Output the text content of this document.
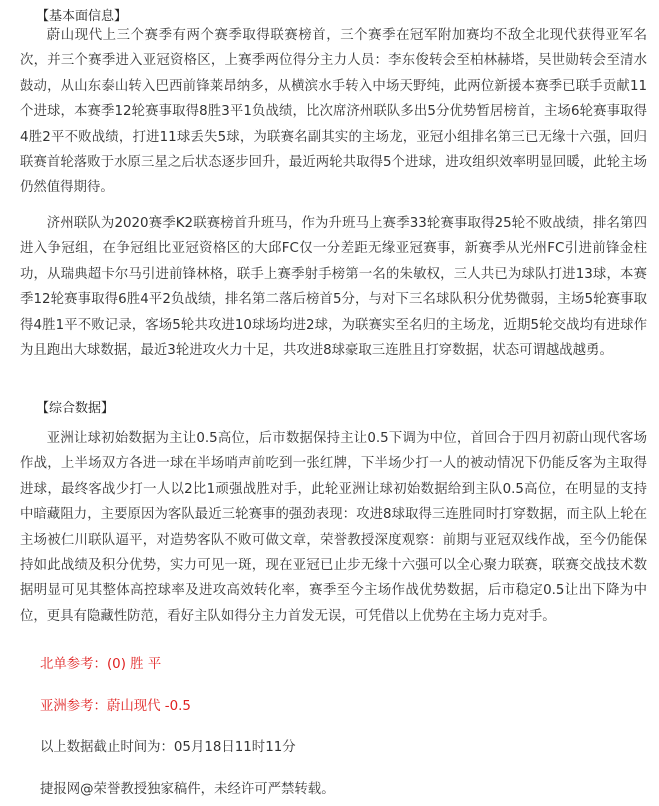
【基本面信息】

蔚山现代上三个赛季有两个赛季取得联赛榜首，三个赛季在冠军附加赛均不敌全北现代获得亚军名次，并三个赛季进入亚冠资格区，上赛季两位得分主力人员：李东俊转会至柏林赫塔，吴世勋转会至清水鼓动，从山东泰山转入巴西前锋莱昂纳多，从横滨水手转入中场天野纯，此两位新援本赛季已联手贡献11个进球，本赛季12轮赛事取得8胜3平1负战绩，比次席济州联队多出5分优势暂居榜首，主场6轮赛事取得4胜2平不败战绩，打进11球丢失5球，为联赛名副其实的主场龙，亚冠小组排名第三已无缘十六强，回归联赛首轮落败于水原三星之后状态逐步回升，最近两轮共取得5个进球，进攻组织效率明显回暖，此轮主场仍然值得期待。

济州联队为2020赛季K2联赛榜首升班马，作为升班马上赛季33轮赛事取得25轮不败战绩，排名第四进入争冠组，在争冠组比亚冠资格区的大邱FC仅一分差距无缘亚冠赛事，新赛季从光州FC引进前锋金柱功，从瑞典超卡尔马引进前锋林格，联手上赛季射手榜第一名的朱敏权，三人共已为球队打进13球，本赛季12轮赛事取得6胜4平2负战绩，排名第二落后榜首5分，与对下三名球队积分优势微弱，主场5轮赛事取得4胜1平不败记录，客场5轮共攻进10球场均进2球，为联赛实至名归的主场龙，近期5轮交战均有进球作为且跑出大球数据，最近3轮进攻火力十足，共攻进8球豪取三连胜且打穿数据，状态可谓越战越勇。

【综合数据】

亚洲让球初始数据为主让0.5高位，后市数据保持主让0.5下调为中位，首回合于四月初蔚山现代客场作战，上半场双方各进一球在半场哨声前吃到一张红牌，下半场少打一人的被动情况下仍能反客为主取得进球，最终客战少打一人以2比1顽强战胜对手，此轮亚洲让球初始数据给到主队0.5高位，在明显的支持中暗藏阻力，主要原因为客队最近三轮赛事的强劲表现：攻进8球取得三连胜同时打穿数据，而主队上轮在主场被仁川联队逼平，对造势客队不败可做文章，荣誉教授深度观察：前期与亚冠双线作战，至今仍能保持如此战绩及积分优势，实力可见一斑，现在亚冠已止步无缘十六强可以全心聚力联赛，联赛交战技术数据明显可见其整体高控球率及进攻高效转化率，赛季至今主场作战优势数据，后市稳定0.5让出下降为中位，更具有隐藏性防范，看好主队如得分主力首发无误，可凭借以上优势在主场力克对手。

北单参考：(0) 胜 平

亚洲参考：蔚山现代 -0.5

以上数据截止时间为：05月18日11时11分

捷报网@荣誉教授独家稿件，未经许可严禁转载。
